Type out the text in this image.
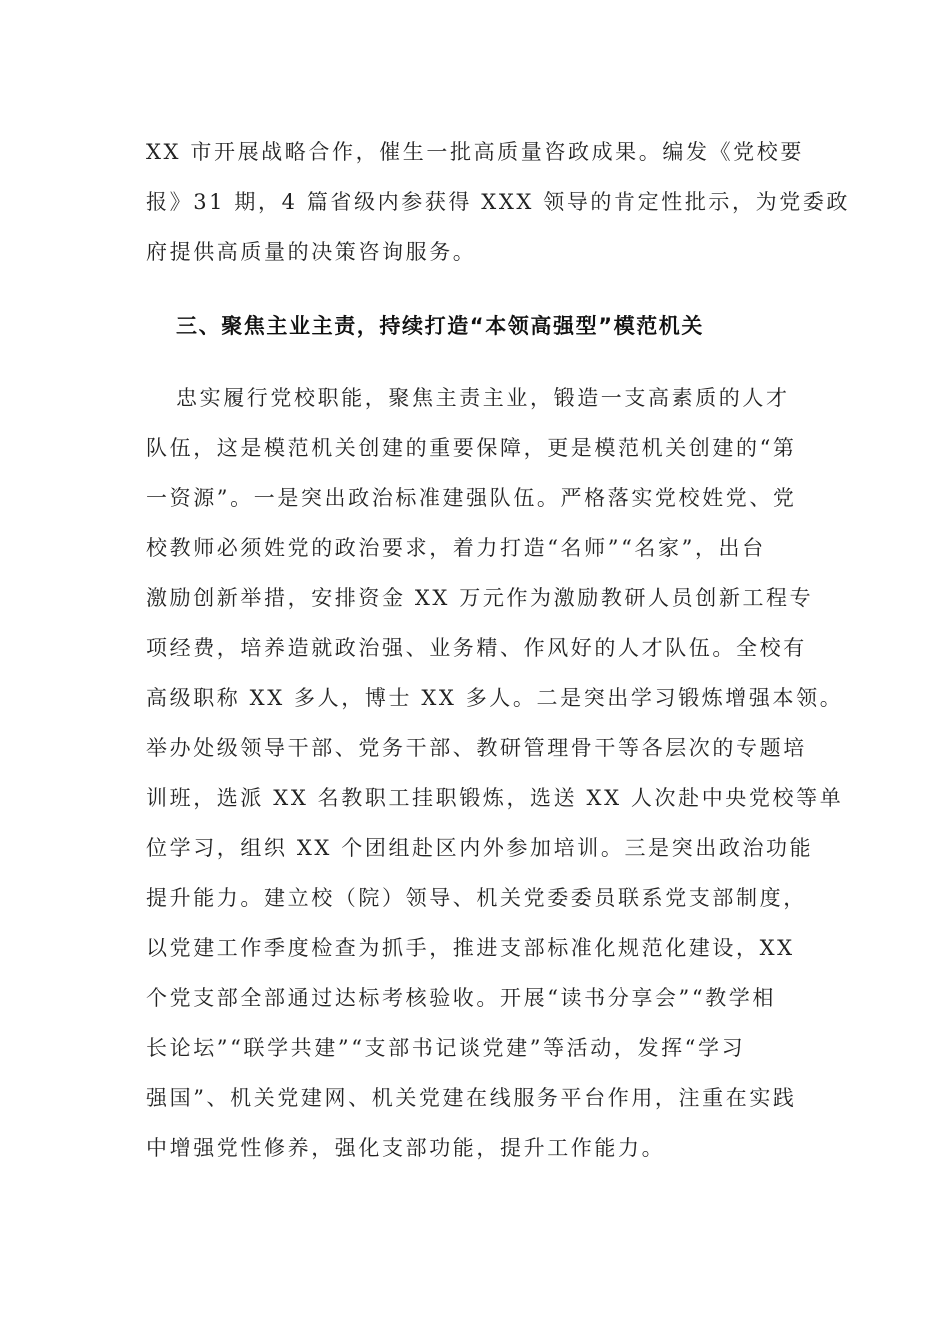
XX 市开展战略合作，催生一批高质量咨政成果。编发《党校要
报》31 期，4 篇省级内参获得 XXX 领导的肯定性批示，为党委政
府提供高质量的决策咨询服务。
三、聚焦主业主责，持续打造“本领高强型”模范机关
忠实履行党校职能，聚焦主责主业，锻造一支高素质的人才
队伍，这是模范机关创建的重要保障，更是模范机关创建的“第
一资源”。一是突出政治标准建强队伍。严格落实党校姓党、党
校教师必须姓党的政治要求，着力打造“名师”“名家”，出台
激励创新举措，安排资金 XX 万元作为激励教研人员创新工程专
项经费，培养造就政治强、业务精、作风好的人才队伍。全校有
高级职称 XX 多人，博士 XX 多人。二是突出学习锻炼增强本领。
举办处级领导干部、党务干部、教研管理骨干等各层次的专题培
训班，选派 XX 名教职工挂职锻炼，选送 XX 人次赴中央党校等单
位学习，组织 XX 个团组赴区内外参加培训。三是突出政治功能
提升能力。建立校（院）领导、机关党委委员联系党支部制度，
以党建工作季度检查为抓手，推进支部标准化规范化建设，XX
个党支部全部通过达标考核验收。开展“读书分享会”“教学相
长论坛”“联学共建”“支部书记谈党建”等活动，发挥“学习
强国”、机关党建网、机关党建在线服务平台作用，注重在实践
中增强党性修养，强化支部功能，提升工作能力。
